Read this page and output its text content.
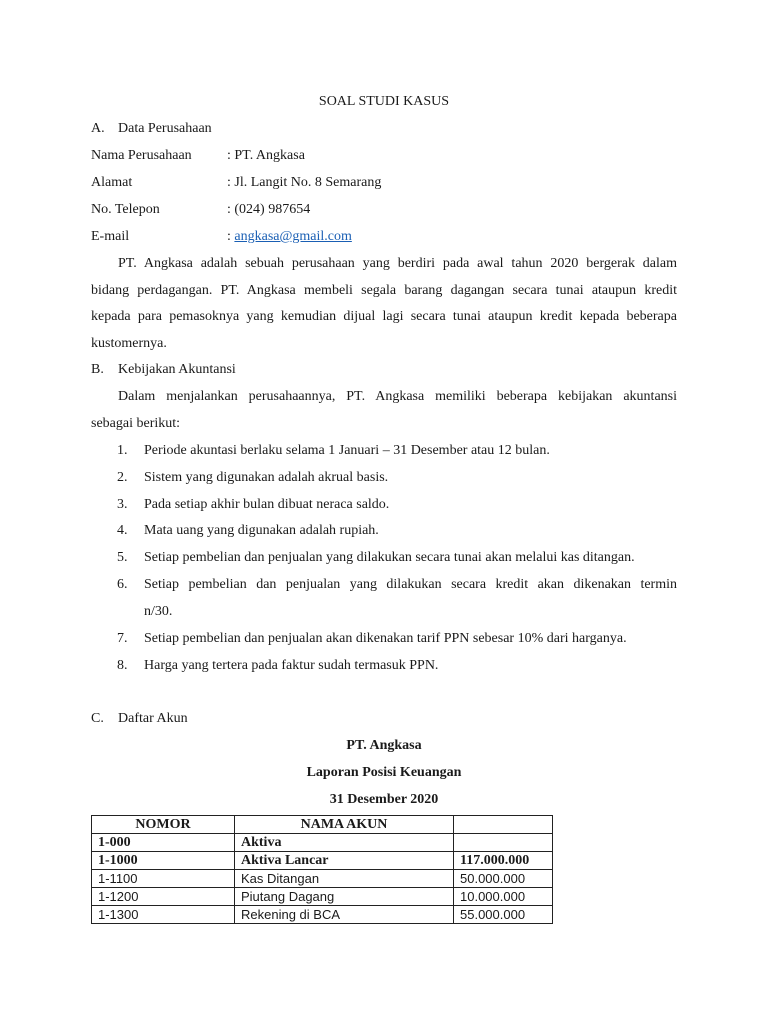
SOAL STUDI KASUS
A. Data Perusahaan
Nama Perusahaan	: PT. Angkasa
Alamat	: Jl. Langit No. 8 Semarang
No. Telepon	: (024) 987654
E-mail	: angkasa@gmail.com
PT. Angkasa adalah sebuah perusahaan yang berdiri pada awal tahun 2020 bergerak dalam
bidang perdagangan. PT. Angkasa membeli segala barang dagangan secara tunai ataupun kredit
kepada para pemasoknya yang kemudian dijual lagi secara tunai ataupun kredit kepada beberapa
kustomernya.
B. Kebijakan Akuntansi
Dalam menjalankan perusahaannya, PT. Angkasa memiliki beberapa kebijakan akuntansi
sebagai berikut:
1. Periode akuntasi berlaku selama 1 Januari – 31 Desember atau 12 bulan.
2. Sistem yang digunakan adalah akrual basis.
3. Pada setiap akhir bulan dibuat neraca saldo.
4. Mata uang yang digunakan adalah rupiah.
5. Setiap pembelian dan penjualan yang dilakukan secara tunai akan melalui kas ditangan.
6. Setiap pembelian dan penjualan yang dilakukan secara kredit akan dikenakan termin
n/30.
7. Setiap pembelian dan penjualan akan dikenakan tarif PPN sebesar 10% dari harganya.
8. Harga yang tertera pada faktur sudah termasuk PPN.
C. Daftar Akun
PT. Angkasa
Laporan Posisi Keuangan
31 Desember 2020
NOMOR	NAMA AKUN	
1-000	Aktiva	
1-1000	Aktiva Lancar	117.000.000
1-1100	Kas Ditangan	50.000.000
1-1200	Piutang Dagang	10.000.000
1-1300	Rekening di BCA	55.000.000
